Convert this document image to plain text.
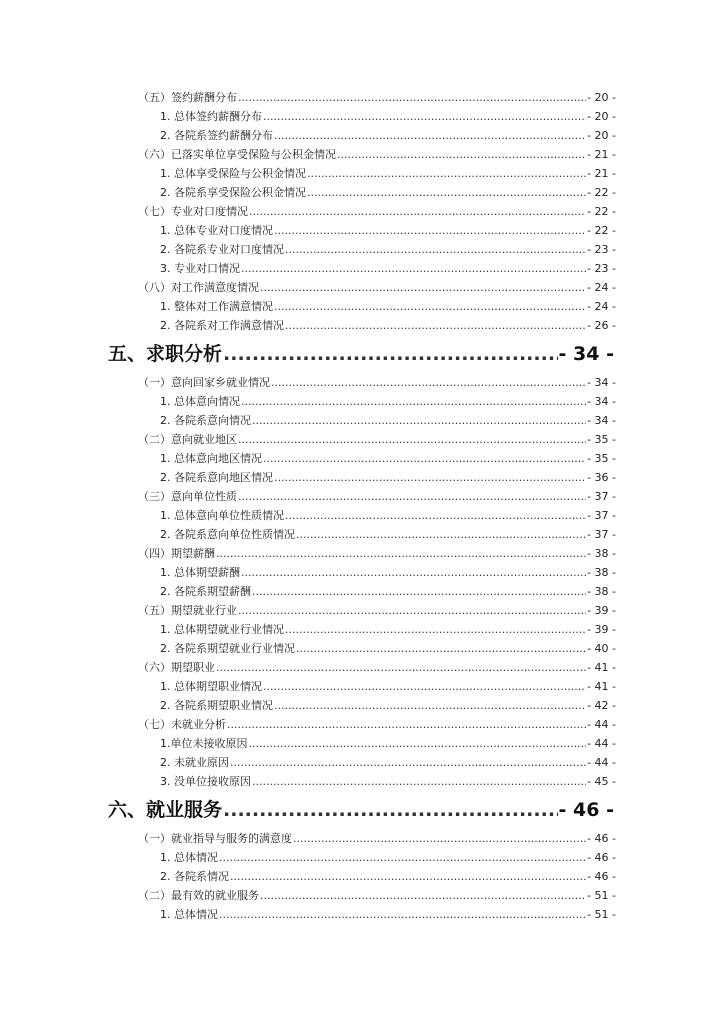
（五）签约薪酬分布 .....	- 20 -
1. 总体签约薪酬分布 .....	- 20 -
2. 各院系签约薪酬分布 .....	- 20 -
（六）已落实单位享受保险与公积金情况 .....	- 21 -
1. 总体享受保险与公积金情况 .....	- 21 -
2. 各院系享受保险公积金情况 .....	- 22 -
（七）专业对口度情况 .....	- 22 -
1. 总体专业对口度情况 .....	- 22 -
2. 各院系专业对口度情况 .....	- 23 -
3. 专业对口情况 .....	- 23 -
（八）对工作满意度情况 .....	- 24 -
1. 整体对工作满意情况 .....	- 24 -
2. 各院系对工作满意情况 .....	- 26 -
五、求职分析 .....	- 34 -
（一）意向回家乡就业情况 .....	- 34 -
1. 总体意向情况 .....	- 34 -
2. 各院系意向情况 .....	- 34 -
（二）意向就业地区 .....	- 35 -
1. 总体意向地区情况 .....	- 35 -
2. 各院系意向地区情况 .....	- 36 -
（三）意向单位性质 .....	- 37 -
1. 总体意向单位性质情况 .....	- 37 -
2. 各院系意向单位性质情况 .....	- 37 -
（四）期望薪酬 .....	- 38 -
1. 总体期望薪酬 .....	- 38 -
2. 各院系期望薪酬 .....	- 38 -
（五）期望就业行业 .....	- 39 -
1. 总体期望就业行业情况 .....	- 39 -
2. 各院系期望就业行业情况 .....	- 40 -
（六）期望职业 .....	- 41 -
1. 总体期望职业情况 .....	- 41 -
2. 各院系期望职业情况 .....	- 42 -
（七）未就业分析 .....	- 44 -
1.单位未接收原因 .....	- 44 -
2. 未就业原因 .....	- 44 -
3. 没单位接收原因 .....	- 45 -
六、就业服务 .....	- 46 -
（一）就业指导与服务的满意度 .....	- 46 -
1. 总体情况 .....	- 46 -
2. 各院系情况 .....	- 46 -
（二）最有效的就业服务 .....	- 51 -
1. 总体情况 .....	- 51 -
